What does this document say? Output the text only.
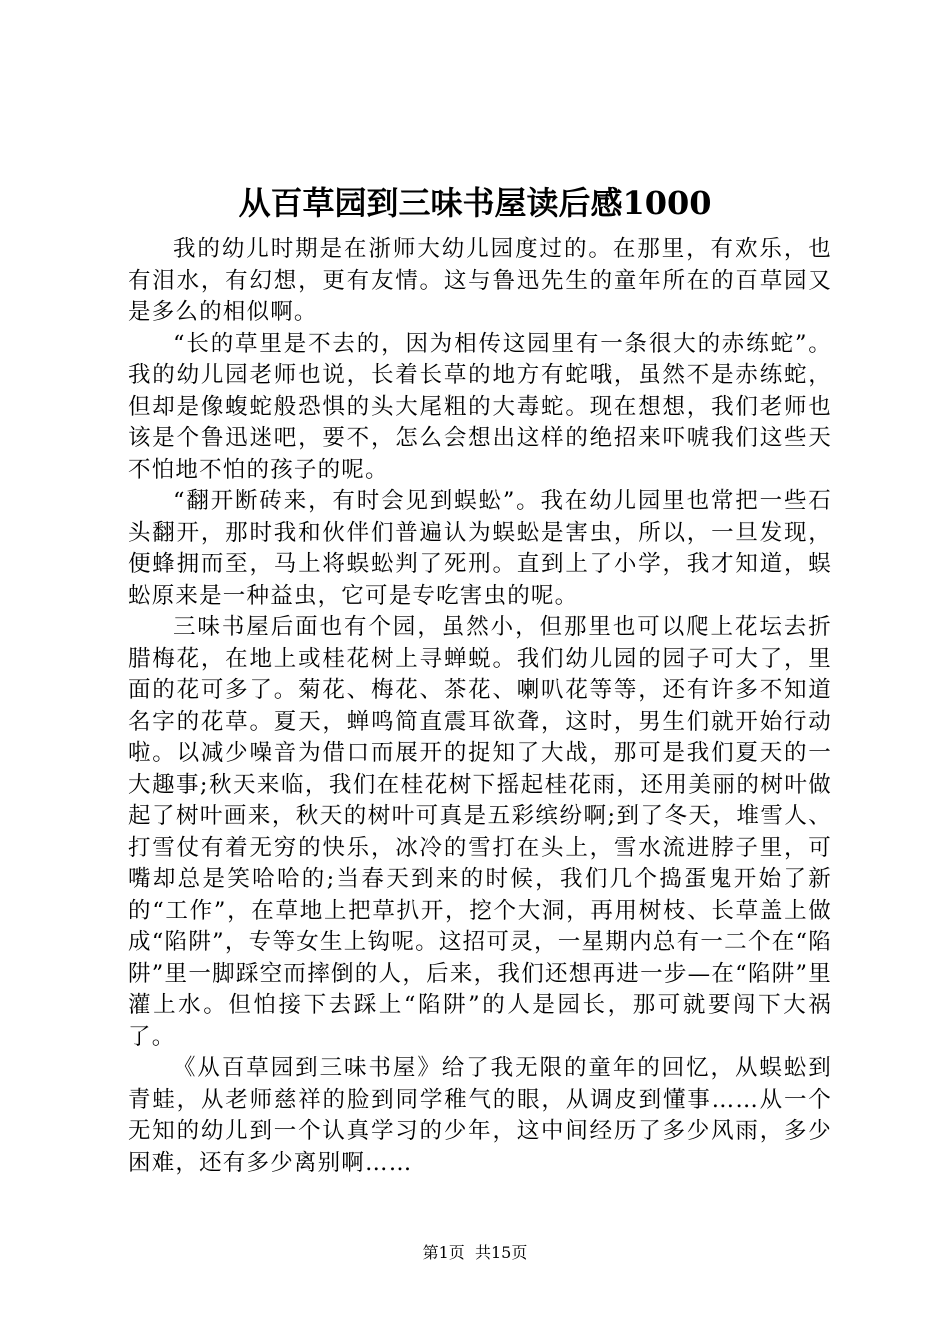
从百草园到三味书屋读后感1000

我的幼儿时期是在浙师大幼儿园度过的。在那里，有欢乐，也有泪水，有幻想，更有友情。这与鲁迅先生的童年所在的百草园又是多么的相似啊。

“长的草里是不去的，因为相传这园里有一条很大的赤练蛇”。我的幼儿园老师也说，长着长草的地方有蛇哦，虽然不是赤练蛇，但却是像蝮蛇般恐惧的头大尾粗的大毒蛇。现在想想，我们老师也该是个鲁迅迷吧，要不，怎么会想出这样的绝招来吓唬我们这些天不怕地不怕的孩子的呢。

“翻开断砖来，有时会见到蜈蚣”。我在幼儿园里也常把一些石头翻开，那时我和伙伴们普遍认为蜈蚣是害虫，所以，一旦发现，便蜂拥而至，马上将蜈蚣判了死刑。直到上了小学，我才知道，蜈蚣原来是一种益虫，它可是专吃害虫的呢。

三味书屋后面也有个园，虽然小，但那里也可以爬上花坛去折腊梅花，在地上或桂花树上寻蝉蜕。我们幼儿园的园子可大了，里面的花可多了。菊花、梅花、茶花、喇叭花等等，还有许多不知道名字的花草。夏天，蝉鸣简直震耳欲聋，这时，男生们就开始行动啦。以减少噪音为借口而展开的捉知了大战，那可是我们夏天的一大趣事;秋天来临，我们在桂花树下摇起桂花雨，还用美丽的树叶做起了树叶画来，秋天的树叶可真是五彩缤纷啊;到了冬天，堆雪人、打雪仗有着无穷的快乐，冰冷的雪打在头上，雪水流进脖子里，可嘴却总是笑哈哈的;当春天到来的时候，我们几个捣蛋鬼开始了新的“工作”，在草地上把草扒开，挖个大洞，再用树枝、长草盖上做成“陷阱”，专等女生上钩呢。这招可灵，一星期内总有一二个在“陷阱”里一脚踩空而摔倒的人，后来，我们还想再进一步—在“陷阱”里灌上水。但怕接下去踩上“陷阱”的人是园长，那可就要闯下大祸了。

《从百草园到三味书屋》给了我无限的童年的回忆，从蜈蚣到青蛙，从老师慈祥的脸到同学稚气的眼，从调皮到懂事……从一个无知的幼儿到一个认真学习的少年，这中间经历了多少风雨，多少困难，还有多少离别啊……

第1页 共15页
